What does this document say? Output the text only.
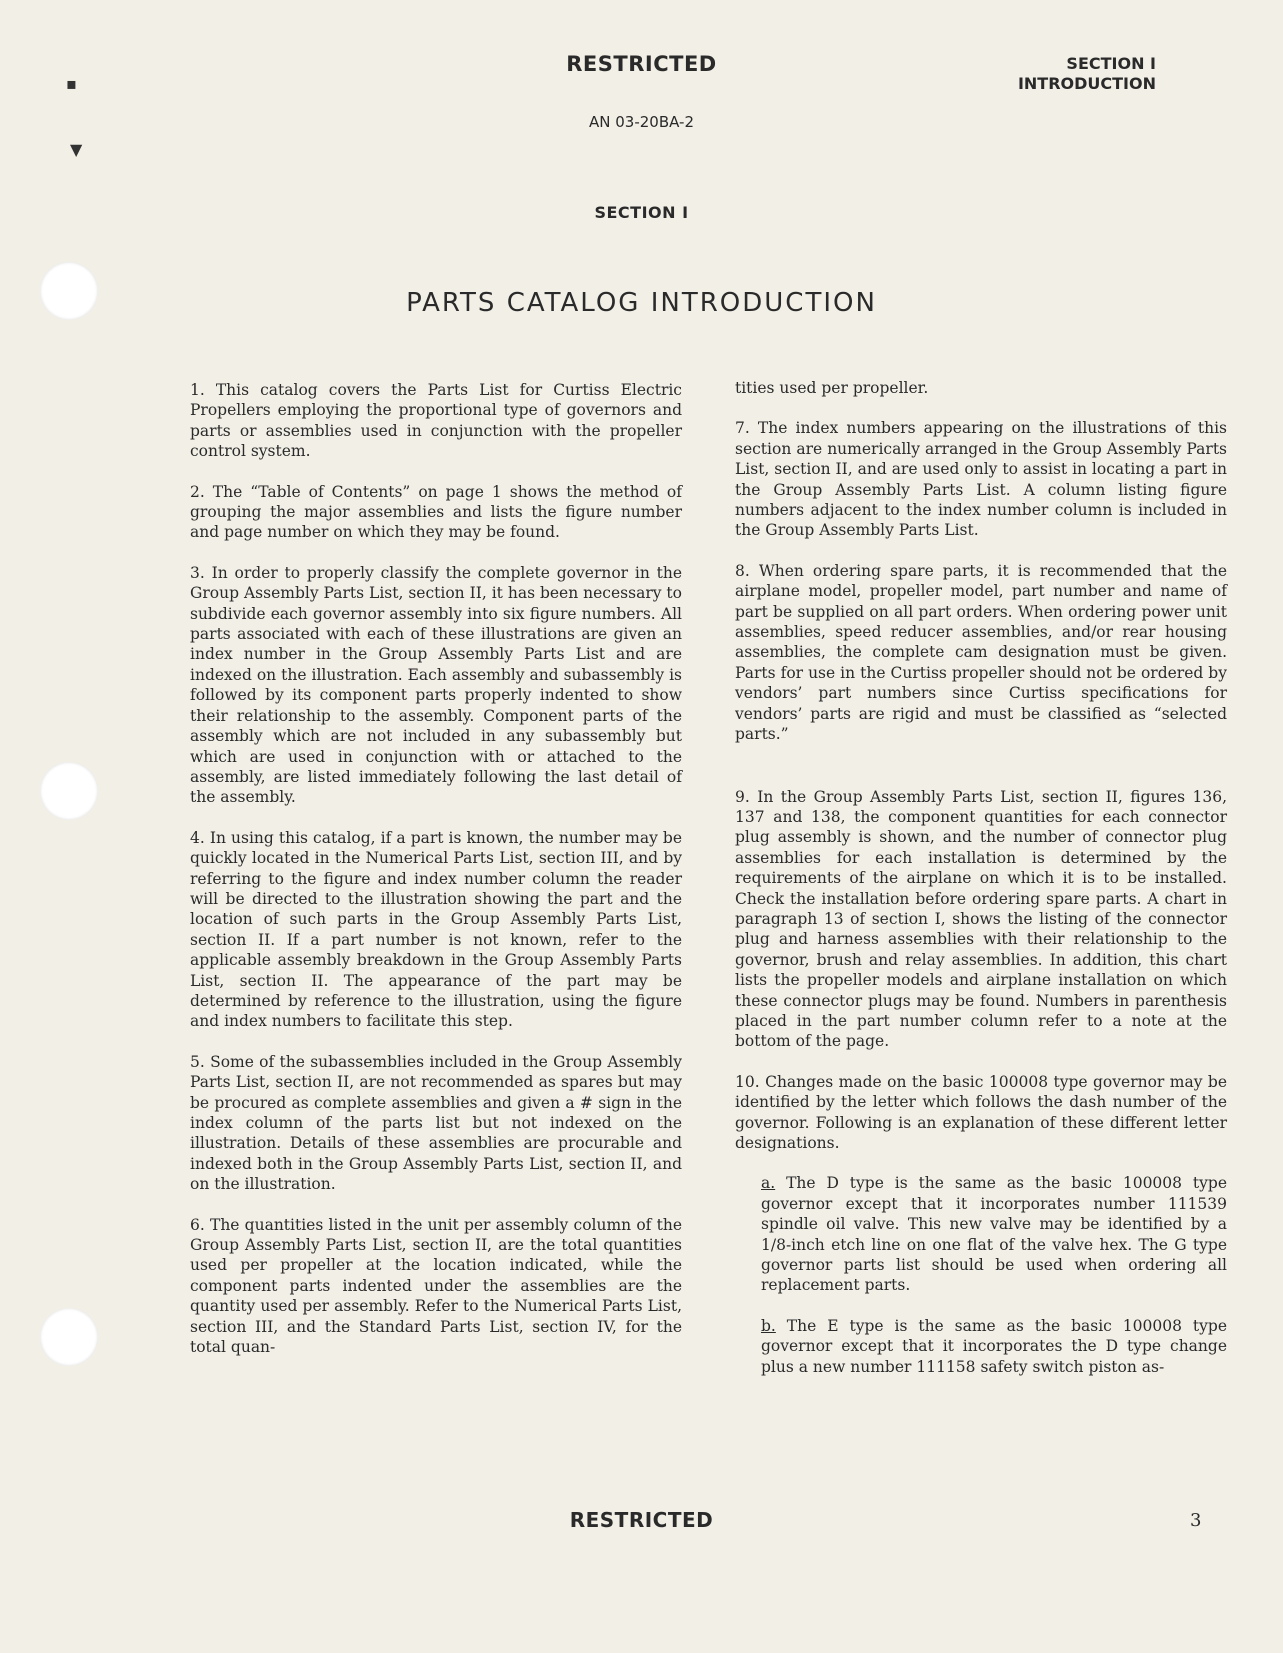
▪
▼
RESTRICTED	SECTION I
INTRODUCTION
AN 03-20BA-2
SECTION I
PARTS CATALOG INTRODUCTION

1. This catalog covers the Parts List for Curtiss Electric Propellers employing the proportional type of governors and parts or assemblies used in conjunction with the propeller control system.

2. The “Table of Contents” on page 1 shows the method of grouping the major assemblies and lists the figure number and page number on which they may be found.

3. In order to properly classify the complete governor in the Group Assembly Parts List, section II, it has been necessary to subdivide each governor assembly into six figure numbers. All parts associated with each of these illustrations are given an index number in the Group Assembly Parts List and are indexed on the illustration. Each assembly and subassembly is followed by its component parts properly indented to show their relationship to the assembly. Component parts of the assembly which are not included in any subassembly but which are used in conjunction with or attached to the assembly, are listed immediately following the last detail of the assembly.

4. In using this catalog, if a part is known, the number may be quickly located in the Numerical Parts List, section III, and by referring to the figure and index number column the reader will be directed to the illustration showing the part and the location of such parts in the Group Assembly Parts List, section II. If a part number is not known, refer to the applicable assembly breakdown in the Group Assembly Parts List, section II. The appearance of the part may be determined by reference to the illustration, using the figure and index numbers to facilitate this step.

5. Some of the subassemblies included in the Group Assembly Parts List, section II, are not recommended as spares but may be procured as complete assemblies and given a # sign in the index column of the parts list but not indexed on the illustration. Details of these assemblies are procurable and indexed both in the Group Assembly Parts List, section II, and on the illustration.

6. The quantities listed in the unit per assembly column of the Group Assembly Parts List, section II, are the total quantities used per propeller at the location indicated, while the component parts indented under the assemblies are the quantity used per assembly. Refer to the Numerical Parts List, section III, and the Standard Parts List, section IV, for the total quan-

tities used per propeller.

7. The index numbers appearing on the illustrations of this section are numerically arranged in the Group Assembly Parts List, section II, and are used only to assist in locating a part in the Group Assembly Parts List. A column listing figure numbers adjacent to the index number column is included in the Group Assembly Parts List.

8. When ordering spare parts, it is recommended that the airplane model, propeller model, part number and name of part be supplied on all part orders. When ordering power unit assemblies, speed reducer assemblies, and/or rear housing assemblies, the complete cam designation must be given. Parts for use in the Curtiss propeller should not be ordered by vendors’ part numbers since Curtiss specifications for vendors’ parts are rigid and must be classified as “selected parts.”

9. In the Group Assembly Parts List, section II, figures 136, 137 and 138, the component quantities for each connector plug assembly is shown, and the number of connector plug assemblies for each installation is determined by the requirements of the airplane on which it is to be installed. Check the installation before ordering spare parts. A chart in paragraph 13 of section I, shows the listing of the connector plug and harness assemblies with their relationship to the governor, brush and relay assemblies. In addition, this chart lists the propeller models and airplane installation on which these connector plugs may be found. Numbers in parenthesis placed in the part number column refer to a note at the bottom of the page.

10. Changes made on the basic 100008 type governor may be identified by the letter which follows the dash number of the governor. Following is an explanation of these different letter designations.

a. The D type is the same as the basic 100008 type governor except that it incorporates number 111539 spindle oil valve. This new valve may be identified by a 1/8-inch etch line on one flat of the valve hex. The G type governor parts list should be used when ordering all replacement parts.

b. The E type is the same as the basic 100008 type governor except that it incorporates the D type change plus a new number 111158 safety switch piston as-

RESTRICTED	3
